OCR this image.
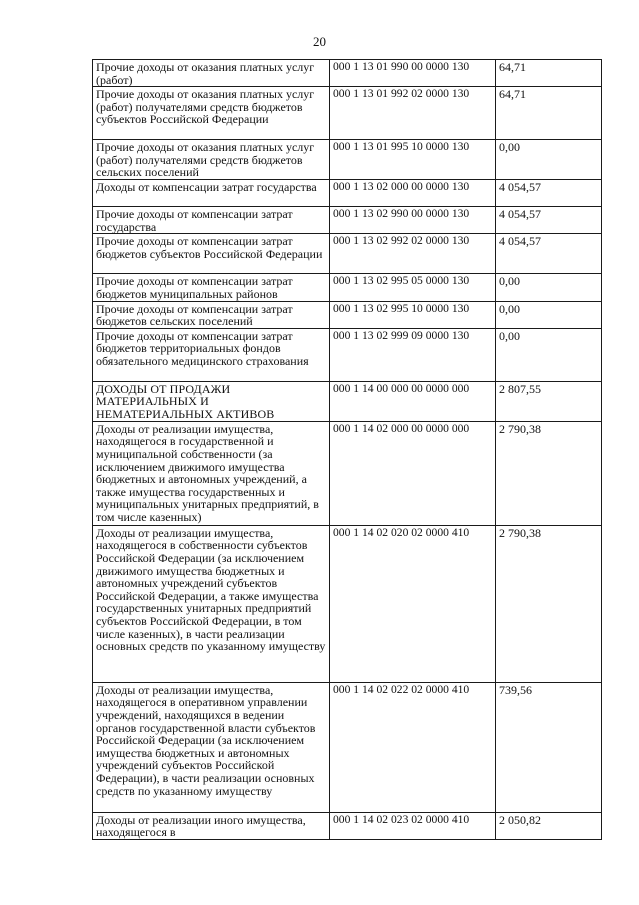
20
Прочие доходы от оказания платных услуг (работ)	000 1 13 01 990 00 0000 130	64,71
Прочие доходы от оказания платных услуг (работ) получателями средств бюджетов субъектов Российской Федерации	000 1 13 01 992 02 0000 130	64,71
Прочие доходы от оказания платных услуг (работ) получателями средств бюджетов сельских поселений	000 1 13 01 995 10 0000 130	0,00
Доходы от компенсации затрат государства	000 1 13 02 000 00 0000 130	4 054,57
Прочие доходы от компенсации затрат государства	000 1 13 02 990 00 0000 130	4 054,57
Прочие доходы от компенсации затрат бюджетов субъектов Российской Федерации	000 1 13 02 992 02 0000 130	4 054,57
Прочие доходы от компенсации затрат бюджетов муниципальных районов	000 1 13 02 995 05 0000 130	0,00
Прочие доходы от компенсации затрат бюджетов сельских поселений	000 1 13 02 995 10 0000 130	0,00
Прочие доходы от компенсации затрат бюджетов территориальных фондов обязательного медицинского страхования	000 1 13 02 999 09 0000 130	0,00
ДОХОДЫ ОТ ПРОДАЖИ МАТЕРИАЛЬНЫХ И НЕМАТЕРИАЛЬНЫХ АКТИВОВ	000 1 14 00 000 00 0000 000	2 807,55
Доходы от реализации имущества, находящегося в государственной и муниципальной собственности (за исключением движимого имущества бюджетных и автономных учреждений, а также имущества государственных и муниципальных унитарных предприятий, в том числе казенных)	000 1 14 02 000 00 0000 000	2 790,38
Доходы от реализации имущества, находящегося в собственности субъектов Российской Федерации (за исключением движимого имущества бюджетных и автономных учреждений субъектов Российской Федерации, а также имущества государственных унитарных предприятий субъектов Российской Федерации, в том числе казенных), в части реализации основных средств по указанному имуществу	000 1 14 02 020 02 0000 410	2 790,38
Доходы от реализации имущества, находящегося в оперативном управлении учреждений, находящихся в ведении органов государственной власти субъектов Российской Федерации (за исключением имущества бюджетных и автономных учреждений субъектов Российской Федерации), в части реализации основных средств по указанному имуществу	000 1 14 02 022 02 0000 410	739,56
Доходы от реализации иного имущества, находящегося в	000 1 14 02 023 02 0000 410	2 050,82
